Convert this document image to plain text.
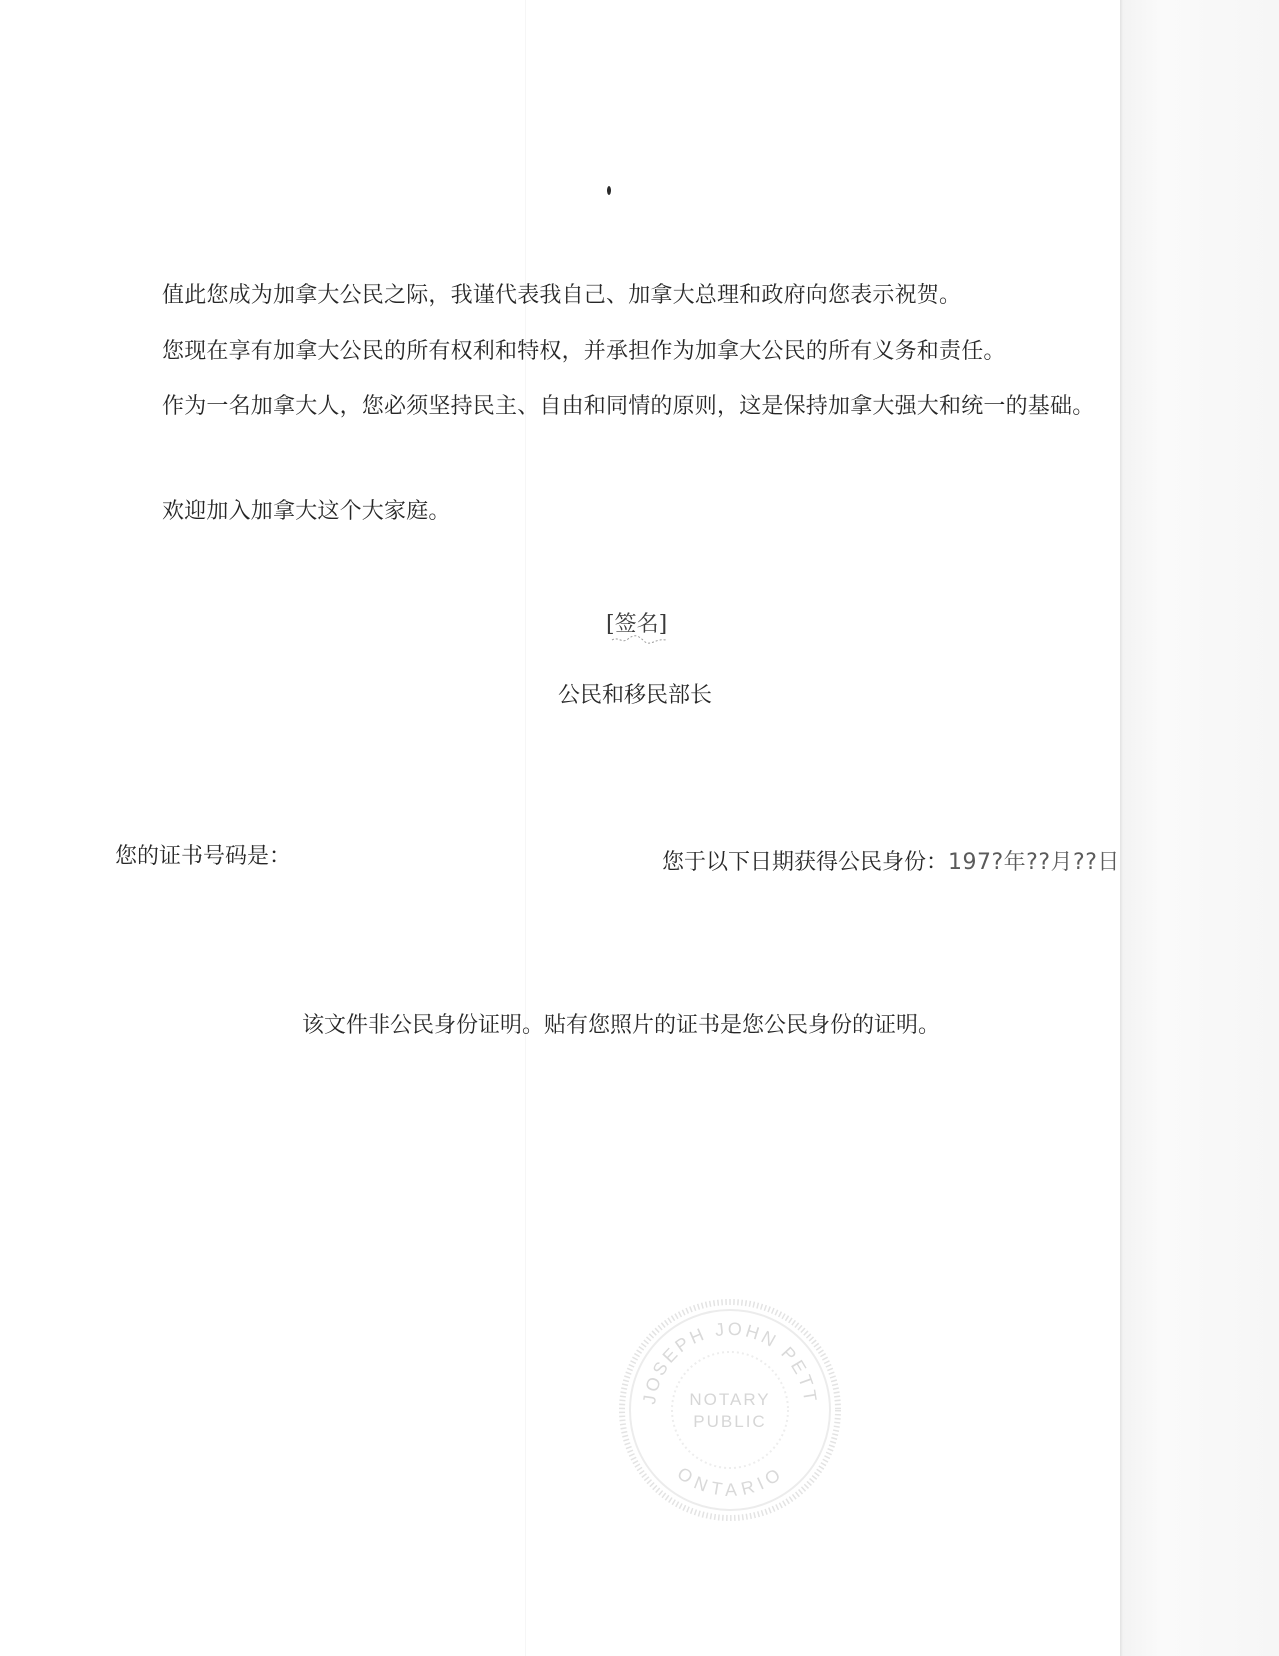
值此您成为加拿大公民之际，我谨代表我自己、加拿大总理和政府向您表示祝贺。
您现在享有加拿大公民的所有权利和特权，并承担作为加拿大公民的所有义务和责任。
作为一名加拿大人，您必须坚持民主、自由和同情的原则，这是保持加拿大强大和统一的基础。
欢迎加入加拿大这个大家庭。
[签名]
公民和移民部长
您的证书号码是：	您于以下日期获得公民身份：197?年??月??日
该文件非公民身份证明。贴有您照片的证书是您公民身份的证明。
JOSEPH JOHN PETT
NOTARY
PUBLIC
ONTARIO
